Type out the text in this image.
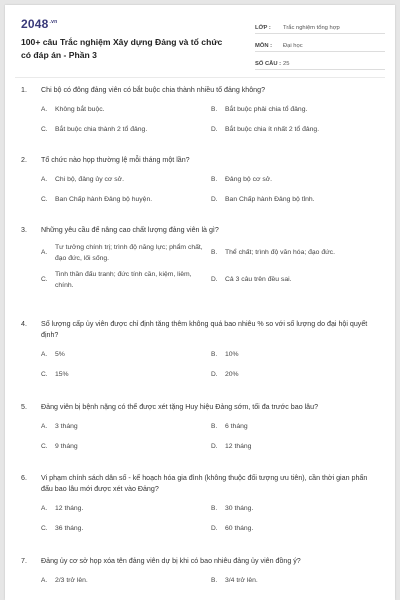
$2048^{.vn}$
100+ câu Trắc nghiệm Xây dựng Đảng và tổ chức có đáp án - Phần 3
LỚP :	Trắc nghiệm tổng hợp
MÔN :	Đại học
SỐ CÂU : 25
1.	Chi bộ có đông đảng viên có bắt buộc chia thành nhiều tổ đảng không?
A.	Không bắt buộc.	B.	Bắt buộc phải chia tổ đảng.
C.	Bắt buộc chia thành 2 tổ đảng.	D.	Bắt buộc chia ít nhất 2 tổ đảng.
2.	Tổ chức nào họp thường lệ mỗi tháng một lần?
A.	Chi bộ, đảng ủy cơ sở.	B.	Đảng bộ cơ sở.
C.	Ban Chấp hành Đảng bộ huyện.	D.	Ban Chấp hành Đảng bộ tỉnh.
3.	Những yêu cầu để nâng cao chất lượng đảng viên là gì?
A.
Tư tưởng chính trị; trình độ năng lực; phẩm chất, đạo đức, lối sống.
B.	Thể chất; trình độ văn hóa; đạo đức.
C.
Tinh thần đấu tranh; đức tính cần, kiệm, liêm, chính.
D.	Cả 3 câu trên đều sai.
4.	Số lượng cấp ủy viên được chỉ định tăng thêm không quá bao nhiêu % so với số lượng do đại hội quyết định?
A.	5%	B.	10%
C.	15%	D.	20%
5.	Đảng viên bị bệnh nặng có thể được xét tặng Huy hiệu Đảng sớm, tối đa trước bao lâu?
A.	3 tháng	B.	6 tháng
C.	9 tháng	D.	12 tháng
6.	Vi phạm chính sách dân số - kế hoạch hóa gia đình (không thuộc đối tượng ưu tiên), cần thời gian phấn đấu bao lâu mới được xét vào Đảng?
A.	12 tháng.	B.	30 tháng.
C.	36 tháng.	D.	60 tháng.
7.	Đảng ủy cơ sở họp xóa tên đảng viên dự bị khi có bao nhiêu đảng ủy viên đồng ý?
A.	2/3 trở lên.	B.	3/4 trở lên.
